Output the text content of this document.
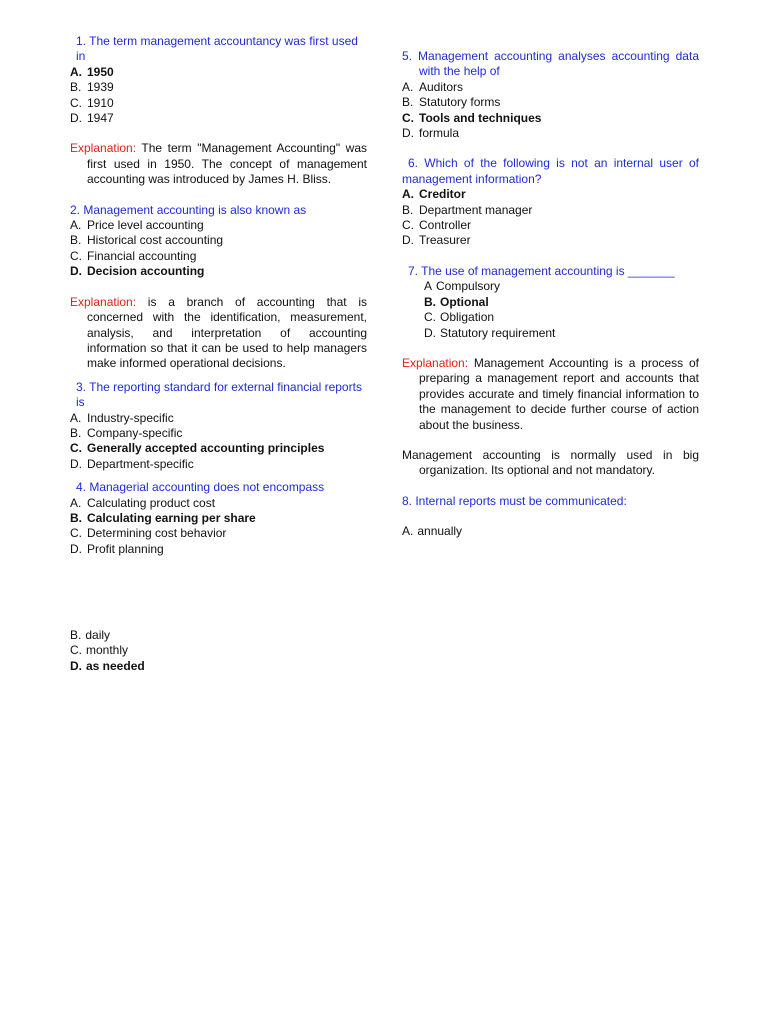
1. The term management accountancy was first used in
A. 1950
B. 1939
C. 1910
D. 1947
Explanation: The term "Management Accounting" was first used in 1950. The concept of management accounting was introduced by James H. Bliss.
2. Management accounting is also known as
A. Price level accounting
B. Historical cost accounting
C. Financial accounting
D. Decision accounting
Explanation: is a branch of accounting that is concerned with the identification, measurement, analysis, and interpretation of accounting information so that it can be used to help managers make informed operational decisions.
3. The reporting standard for external financial reports is
A. Industry-specific
B. Company-specific
C. Generally accepted accounting principles
D. Department-specific
4. Managerial accounting does not encompass
A. Calculating product cost
B. Calculating earning per share
C. Determining cost behavior
D. Profit planning
B. daily
C. monthly
D. as needed
5. Management accounting analyses accounting data with the help of
A. Auditors
B. Statutory forms
C. Tools and techniques
D. formula
6. Which of the following is not an internal user of management information?
A. Creditor
B. Department manager
C. Controller
D. Treasurer
7. The use of management accounting is _______
A Compulsory
B. Optional
C. Obligation
D. Statutory requirement
Explanation: Management Accounting is a process of preparing a management report and accounts that provides accurate and timely financial information to the management to decide further course of action about the business.
Management accounting is normally used in big organization. Its optional and not mandatory.
8. Internal reports must be communicated:
A. annually
